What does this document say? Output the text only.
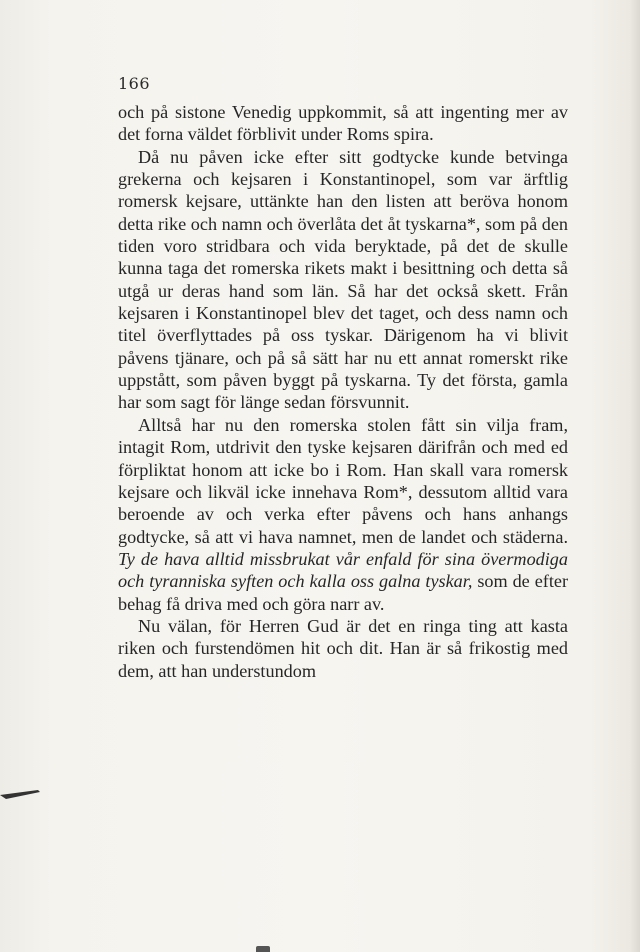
166

och på sistone Venedig uppkommit, så att ingenting mer av det forna väldet förblivit under Roms spira.

Då nu påven icke efter sitt godtycke kunde betvinga grekerna och kejsaren i Konstantinopel, som var ärftlig romersk kejsare, uttänkte han den listen att beröva honom detta rike och namn och överlåta det åt tyskarna*, som på den tiden voro stridbara och vida beryktade, på det de skulle kunna taga det romerska rikets makt i besittning och detta så utgå ur deras hand som län. Så har det också skett. Från kejsaren i Konstantinopel blev det taget, och dess namn och titel överflyttades på oss tyskar. Därigenom ha vi blivit påvens tjänare, och på så sätt har nu ett annat romerskt rike uppstått, som påven byggt på tyskarna. Ty det första, gamla har som sagt för länge sedan försvunnit.

Alltså har nu den romerska stolen fått sin vilja fram, intagit Rom, utdrivit den tyske kejsaren därifrån och med ed förpliktat honom att icke bo i Rom. Han skall vara romersk kejsare och likväl icke innehava Rom*, dessutom alltid vara beroende av och verka efter påvens och hans anhangs godtycke, så att vi hava namnet, men de landet och städerna. Ty de hava alltid missbrukat vår enfald för sina övermodiga och tyranniska syften och kalla oss galna tyskar, som de efter behag få driva med och göra narr av.

Nu välan, för Herren Gud är det en ringa ting att kasta riken och furstendömen hit och dit. Han är så frikostig med dem, att han understundom
